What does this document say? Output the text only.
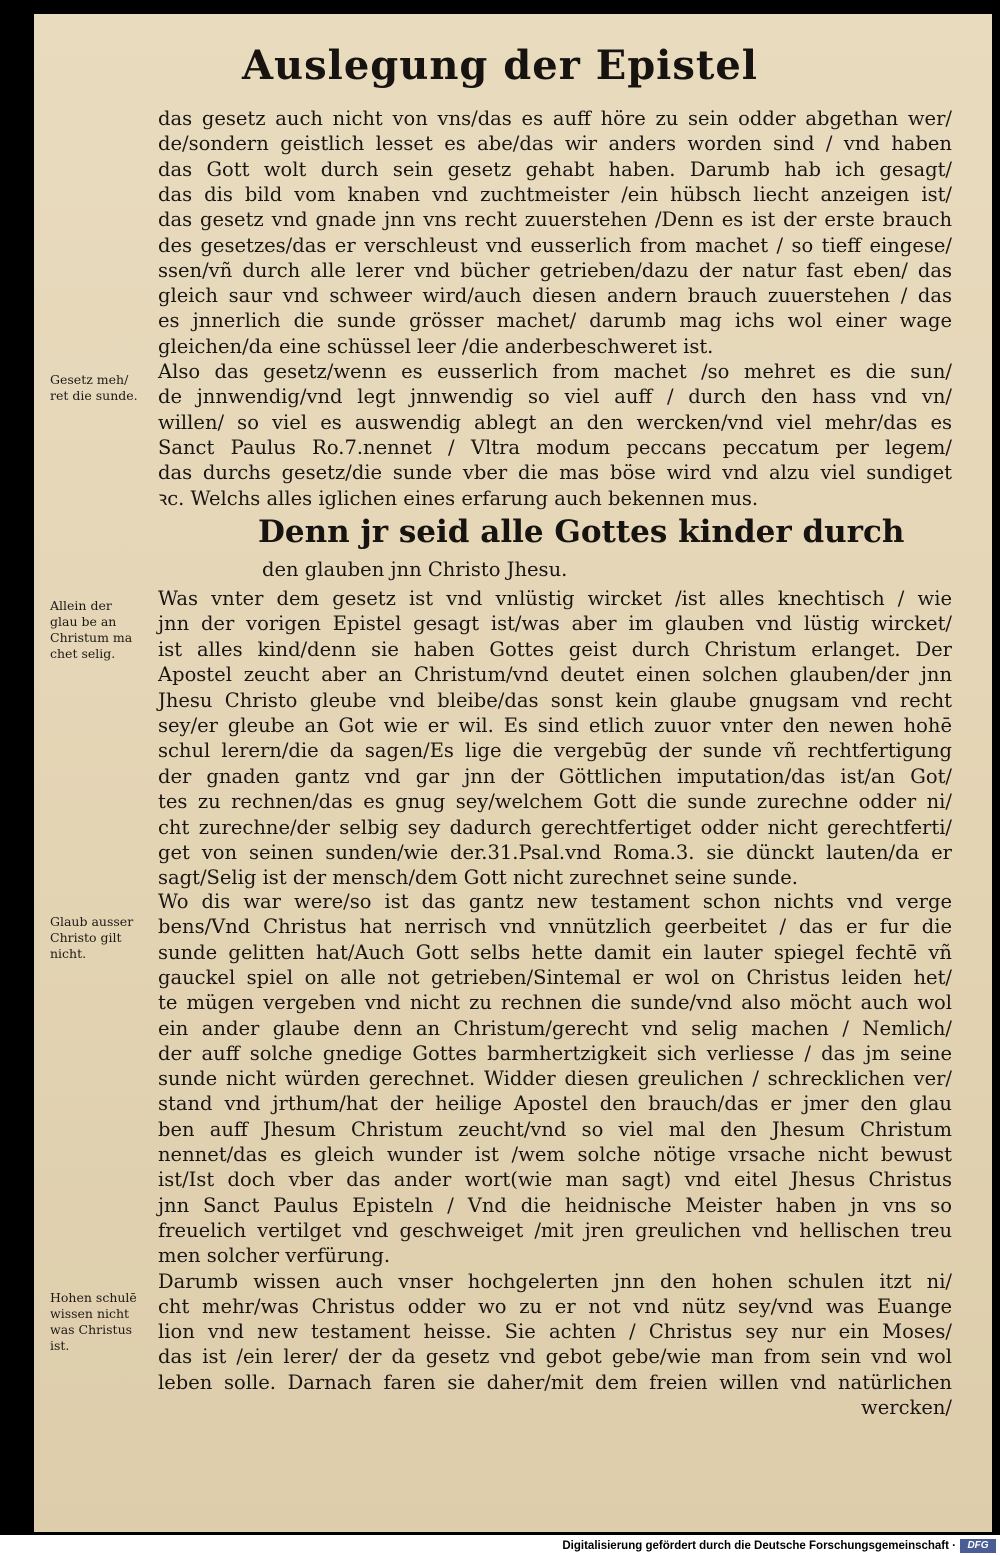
Auslegung der Epistel
das gesetz auch nicht von vns/das es auff höre zu sein odder abgethan wer/
de/sondern geistlich lesset es abe/das wir anders worden sind / vnd haben
das Gott wolt durch sein gesetz gehabt haben. Darumb hab ich gesagt/
das dis bild vom knaben vnd zuchtmeister /ein hübsch liecht anzeigen ist/
das gesetz vnd gnade jnn vns recht zuuerstehen /Denn es ist der erste brauch
des gesetzes/das er verschleust vnd eusserlich from machet / so tieff eingese/
ssen/vñ durch alle lerer vnd bücher getrieben/dazu der natur fast eben/ das
gleich saur vnd schweer wird/auch diesen andern brauch zuuerstehen / das
es jnnerlich die sunde grösser machet/ darumb mag ichs wol einer wage
gleichen/da eine schüssel leer /die anderbeschweret ist.
Also das gesetz/wenn es eusserlich from machet /so mehret es die sun/
de jnnwendig/vnd legt jnnwendig so viel auff / durch den hass vnd vn/
willen/ so viel es auswendig ablegt an den wercken/vnd viel mehr/das es
Sanct Paulus Ro.7.nennet / Vltra modum peccans peccatum per legem/
das durchs gesetz/die sunde vber die mas böse wird vnd alzu viel sundiget
ꝛc. Welchs alles iglichen eines erfarung auch bekennen mus.
Denn jr seid alle Gottes kinder durch
den glauben jnn Christo Jhesu.
Was vnter dem gesetz ist vnd vnlüstig wircket /ist alles knechtisch / wie
jnn der vorigen Epistel gesagt ist/was aber im glauben vnd lüstig wircket/
ist alles kind/denn sie haben Gottes geist durch Christum erlanget. Der
Apostel zeucht aber an Christum/vnd deutet einen solchen glauben/der jnn
Jhesu Christo gleube vnd bleibe/das sonst kein glaube gnugsam vnd recht
sey/er gleube an Got wie er wil. Es sind etlich zuuor vnter den newen hohē
schul lerern/die da sagen/Es lige die vergebūg der sunde vñ rechtfertigung
der gnaden gantz vnd gar jnn der Göttlichen imputation/das ist/an Got/
tes zu rechnen/das es gnug sey/welchem Gott die sunde zurechne odder ni/
cht zurechne/der selbig sey dadurch gerechtfertiget odder nicht gerechtferti/
get von seinen sunden/wie der.31.Psal.vnd Roma.3. sie dünckt lauten/da er
sagt/Selig ist der mensch/dem Gott nicht zurechnet seine sunde.
Wo dis war were/so ist das gantz new testament schon nichts vnd verge
bens/Vnd Christus hat nerrisch vnd vnnützlich geerbeitet / das er fur die
sunde gelitten hat/Auch Gott selbs hette damit ein lauter spiegel fechtē vñ
gauckel spiel on alle not getrieben/Sintemal er wol on Christus leiden het/
te mügen vergeben vnd nicht zu rechnen die sunde/vnd also möcht auch wol
ein ander glaube denn an Christum/gerecht vnd selig machen / Nemlich/
der auff solche gnedige Gottes barmhertzigkeit sich verliesse / das jm seine
sunde nicht würden gerechnet. Widder diesen greulichen / schrecklichen ver/
stand vnd jrthum/hat der heilige Apostel den brauch/das er jmer den glau
ben auff Jhesum Christum zeucht/vnd so viel mal den Jhesum Christum
nennet/das es gleich wunder ist /wem solche nötige vrsache nicht bewust
ist/Ist doch vber das ander wort(wie man sagt) vnd eitel Jhesus Christus
jnn Sanct Paulus Episteln / Vnd die heidnische Meister haben jn vns so
freuelich vertilget vnd geschweiget /mit jren greulichen vnd hellischen treu
men solcher verfürung.
Darumb wissen auch vnser hochgelerten jnn den hohen schulen itzt ni/
cht mehr/was Christus odder wo zu er not vnd nütz sey/vnd was Euange
lion vnd new testament heisse. Sie achten / Christus sey nur ein Moses/
das ist /ein lerer/ der da gesetz vnd gebot gebe/wie man from sein vnd wol
leben solle. Darnach faren sie daher/mit dem freien willen vnd natürlichen
wercken/
Gesetz meh/
ret die sunde.
Allein der
glau be an
Christum ma
chet selig.
Glaub ausser
Christo gilt
nicht.
Hohen schulē
wissen nicht
was Christus
ist.
Digitalisierung gefördert durch die Deutsche Forschungsgemeinschaft ·	DFG
